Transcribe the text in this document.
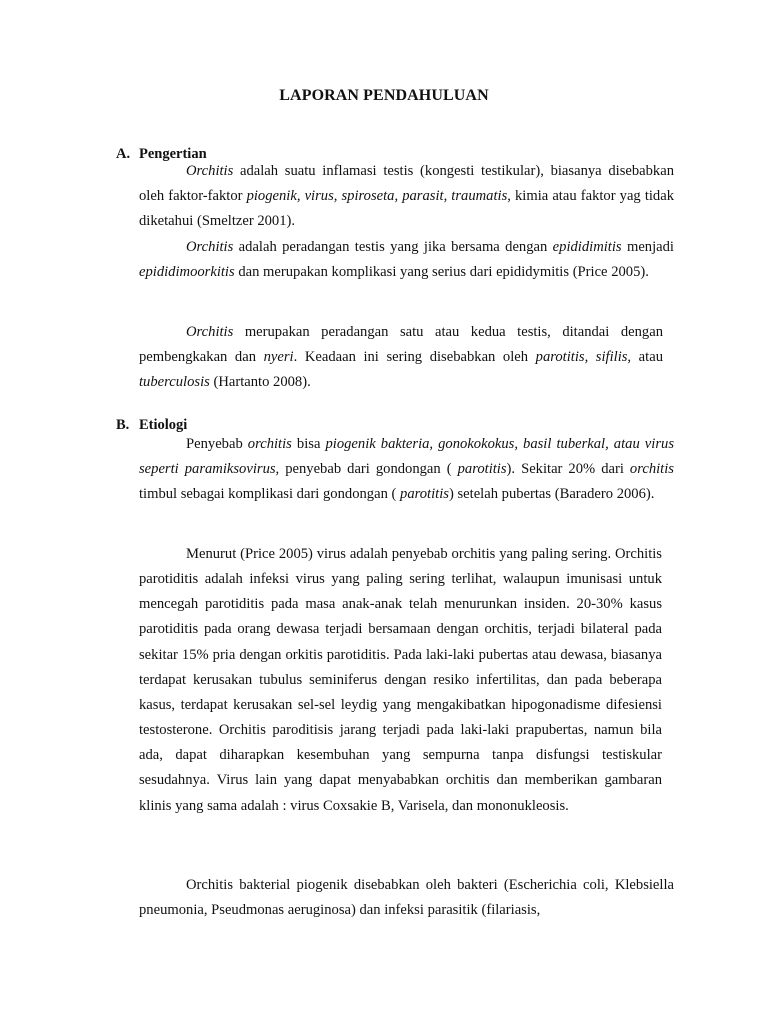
LAPORAN PENDAHULUAN
A. Pengertian

Orchitis adalah suatu inflamasi testis (kongesti testikular), biasanya disebabkan oleh faktor-faktor piogenik, virus, spiroseta, parasit, traumatis, kimia atau faktor yag tidak diketahui (Smeltzer 2001).

Orchitis adalah peradangan testis yang jika bersama dengan epididimitis menjadi epididimoorkitis dan merupakan komplikasi yang serius dari epididymitis (Price 2005).

Orchitis merupakan peradangan satu atau kedua testis, ditandai dengan pembengkakan dan nyeri. Keadaan ini sering disebabkan oleh parotitis, sifilis, atau tuberculosis (Hartanto 2008).

B. Etiologi

Penyebab orchitis bisa piogenik bakteria, gonokokokus, basil tuberkal, atau virus seperti paramiksovirus, penyebab dari gondongan ( parotitis). Sekitar 20% dari orchitis timbul sebagai komplikasi dari gondongan ( parotitis) setelah pubertas (Baradero 2006).

Menurut (Price 2005) virus adalah penyebab orchitis yang paling sering. Orchitis parotiditis adalah infeksi virus yang paling sering terlihat, walaupun imunisasi untuk mencegah parotiditis pada masa anak-anak telah menurunkan insiden. 20-30% kasus parotiditis pada orang dewasa terjadi bersamaan dengan orchitis, terjadi bilateral pada sekitar 15% pria dengan orkitis parotiditis. Pada laki-laki pubertas atau dewasa, biasanya terdapat kerusakan tubulus seminiferus dengan resiko infertilitas, dan pada beberapa kasus, terdapat kerusakan sel-sel leydig yang mengakibatkan hipogonadisme difesiensi testosterone. Orchitis paroditisis jarang terjadi pada laki-laki prapubertas, namun bila ada, dapat diharapkan kesembuhan yang sempurna tanpa disfungsi testiskular sesudahnya. Virus lain yang dapat menyababkan orchitis dan memberikan gambaran klinis yang sama adalah : virus Coxsakie B, Varisela, dan mononukleosis.

Orchitis bakterial piogenik disebabkan oleh bakteri (Escherichia coli, Klebsiella pneumonia, Pseudmonas aeruginosa) dan infeksi parasitik (filariasis,
